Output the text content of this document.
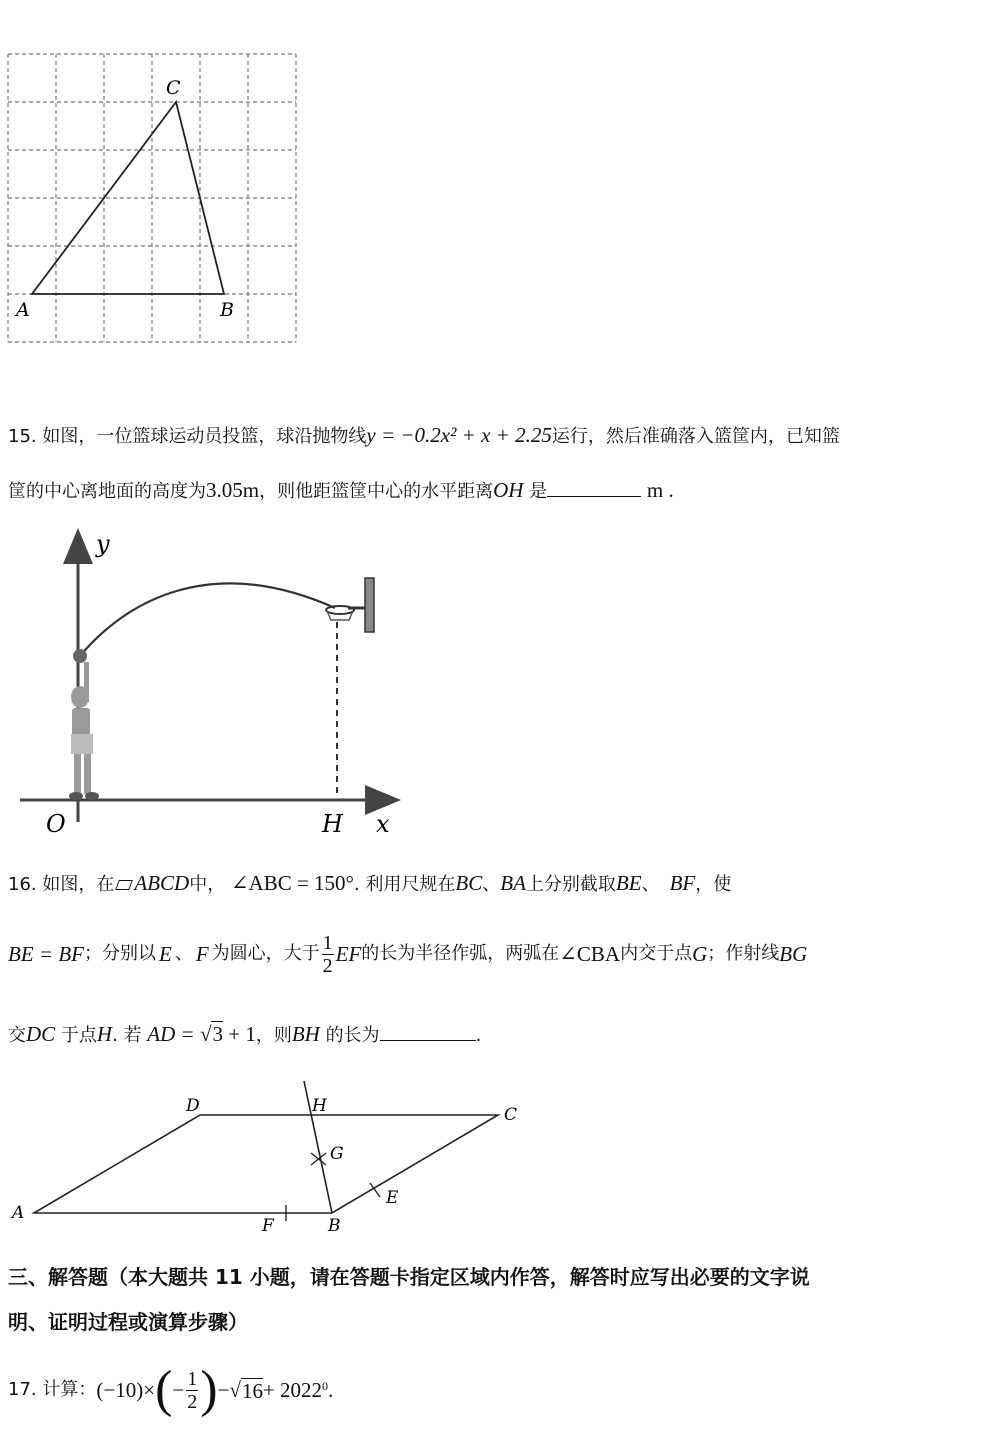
A	B
C
15. 如图，一位篮球运动员投篮，球沿抛物线y = −0.2x² + x + 2.25运行，然后准确落入篮筐内，已知篮
筐的中心离地面的高度为3.05m，则他距篮筐中心的水平距离OH 是	m .
y
x
O	H
16. 如图，在 ABCD中， ∠ABC = 150°. 利用尺规在BC、BA上分别截取BE、 BF，使
BE = BF ；分别以 E 、 F 为圆心，大于 $\frac{1}{2}$ EF 的长为半径作弧，两弧在 ∠CBA 内交于点 G ；作射线 BG
交DC 于点H. 若 AD = √3 + 1，则BH 的长为	.
A
B
C
D
E
F
G
H
三、解答题（本大题共 11 小题，请在答题卡指定区域内作答，解答时应写出必要的文字说
明、证明过程或演算步骤）
17.
计算： (−10)× ( − $\frac{1}{2}$ ) − √ $16 + 2022^0$ .
